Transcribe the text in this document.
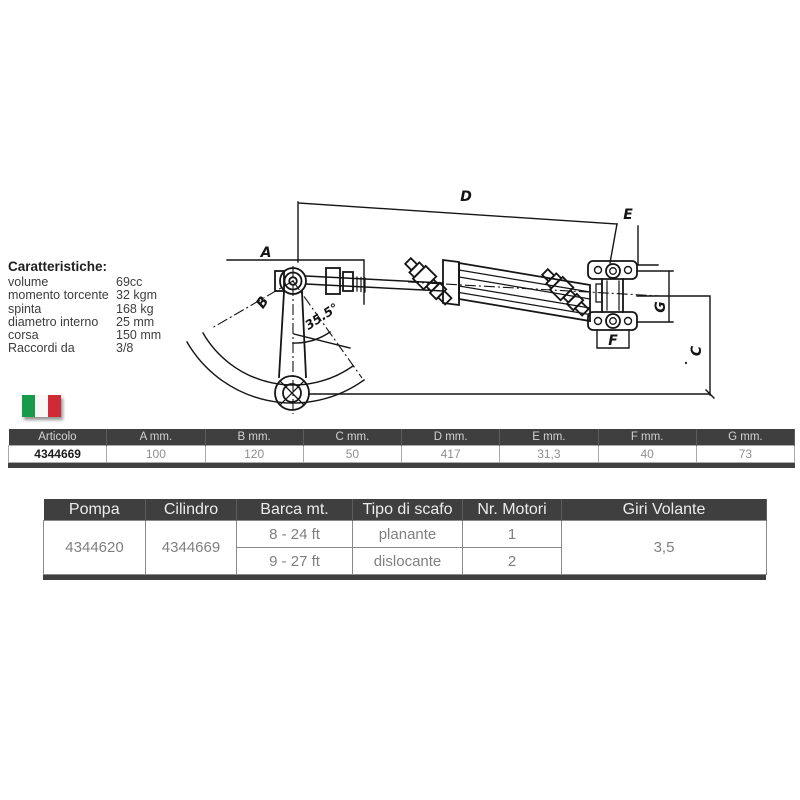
A
B
D
E
F
G
C
35.5°
Caratteristiche:
volume	69cc
momento torcente 32 kgm
spinta	168 kg
diametro interno	25 mm
corsa	150 mm
Raccordi da	3/8
Articolo	A mm.	B mm.	C mm.	D mm.	E mm.	F mm.	G mm.
4344669	100	120	50	417	31,3	40	73
Pompa	Cilindro	Barca mt.	Tipo di scafo	Nr. Motori	Giri Volante
4344620	4344669	8 - 24 ft	planante	1	3,5
		9 - 27 ft	dislocante	2	
